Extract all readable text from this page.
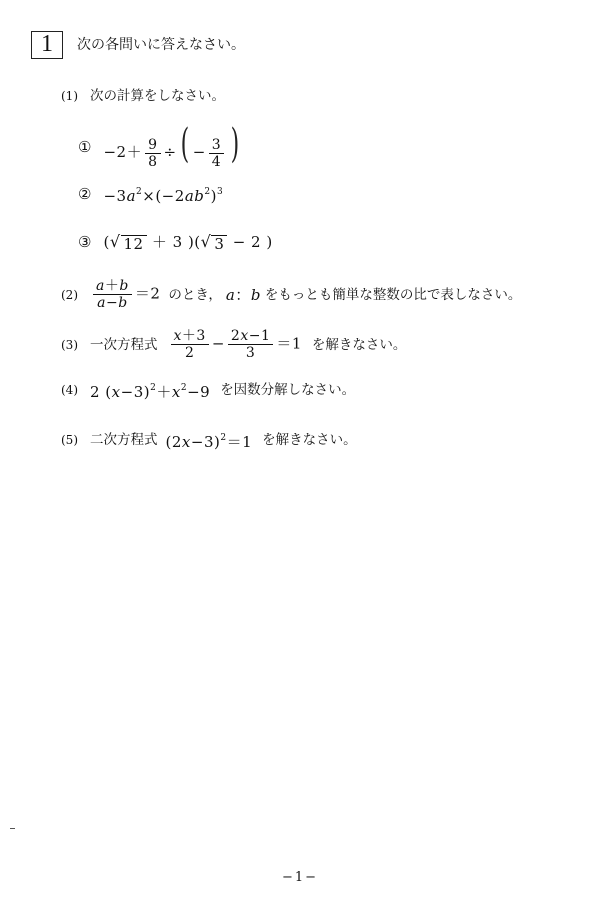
1	次の各問いに答えなさい。
(1) 次の計算をしなさい。
① $-2+ \frac{9}{8}$ ÷( − $\frac{3}{4}$ )
② $-3a^2\times(-2ab^2)^3$
③ ( √ 12 ＋ 3 )( √ 3 − 2 )
$(2) \frac{a+b}{a-b} =2$ のとき， a：b をもっとも簡単な整数の比で表しなさい。
(3) 一次方程式 $\frac{x+3}{2} - \frac{2x-1}{3} =1$ を解きなさい。
(4) 2 $(x-3)^2+x^2-9$ を因数分解しなさい。
(5) 二次方程式 $(2x-3)^2=1$ を解きなさい。
−1−
